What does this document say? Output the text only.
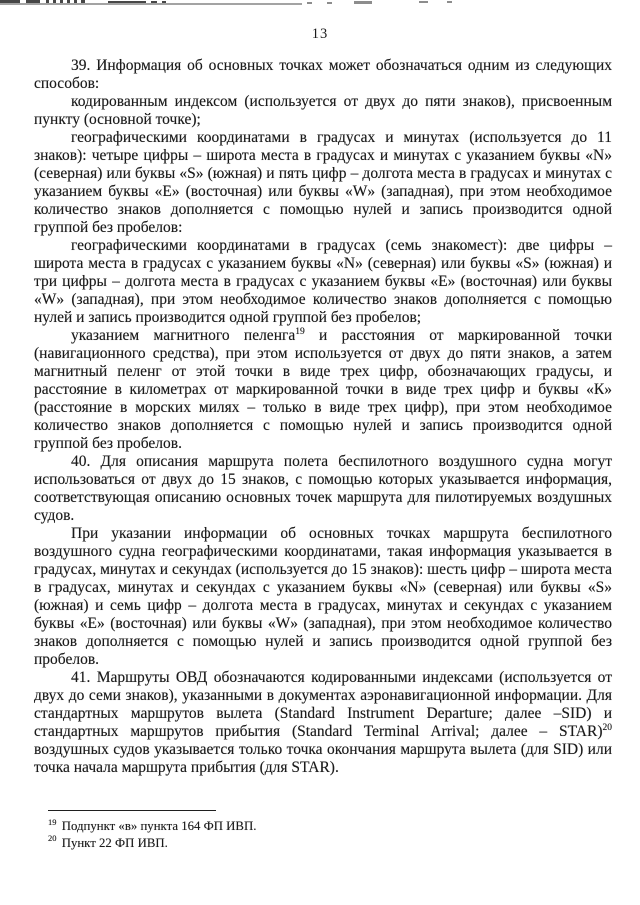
13

39. Информация об основных точках может обозначаться одним из следующих способов:

кодированным индексом (используется от двух до пяти знаков), присвоенным пункту (основной точке);

географическими координатами в градусах и минутах (используется до 11 знаков): четыре цифры – широта места в градусах и минутах с указанием буквы «N» (северная) или буквы «S» (южная) и пять цифр – долгота места в градусах и минутах с указанием буквы «E» (восточная) или буквы «W» (западная), при этом необходимое количество знаков дополняется с помощью нулей и запись производится одной группой без пробелов:

географическими координатами в градусах (семь знакомест): две цифры – широта места в градусах с указанием буквы «N» (северная) или буквы «S» (южная) и три цифры – долгота места в градусах с указанием буквы «E» (восточная) или буквы «W» (западная), при этом необходимое количество знаков дополняется с помощью нулей и запись производится одной группой без пробелов;

указанием магнитного пеленга$^{19}$ и расстояния от маркированной точки (навигационного средства), при этом используется от двух до пяти знаков, а затем магнитный пеленг от этой точки в виде трех цифр, обозначающих градусы, и расстояние в километрах от маркированной точки в виде трех цифр и буквы «К» (расстояние в морских милях – только в виде трех цифр), при этом необходимое количество знаков дополняется с помощью нулей и запись производится одной группой без пробелов.

40. Для описания маршрута полета беспилотного воздушного судна могут использоваться от двух до 15 знаков, с помощью которых указывается информация, соответствующая описанию основных точек маршрута для пилотируемых воздушных судов.

При указании информации об основных точках маршрута беспилотного воздушного судна географическими координатами, такая информация указывается в градусах, минутах и секундах (используется до 15 знаков): шесть цифр – широта места в градусах, минутах и секундах с указанием буквы «N» (северная) или буквы «S» (южная) и семь цифр – долгота места в градусах, минутах и секундах с указанием буквы «E» (восточная) или буквы «W» (западная), при этом необходимое количество знаков дополняется с помощью нулей и запись производится одной группой без пробелов.

41. Маршруты ОВД обозначаются кодированными индексами (используется от двух до семи знаков), указанными в документах аэронавигационной информации. Для стандартных маршрутов вылета (Standard Instrument Departure; далее –SID) и стандартных маршрутов прибытия (Standard Terminal Arrival; далее – STAR)$^{20}$ воздушных судов указывается только точка окончания маршрута вылета (для SID) или точка начала маршрута прибытия (для STAR).

$^{19}$ Подпункт «в» пункта 164 ФП ИВП.

$^{20}$ Пункт 22 ФП ИВП.
